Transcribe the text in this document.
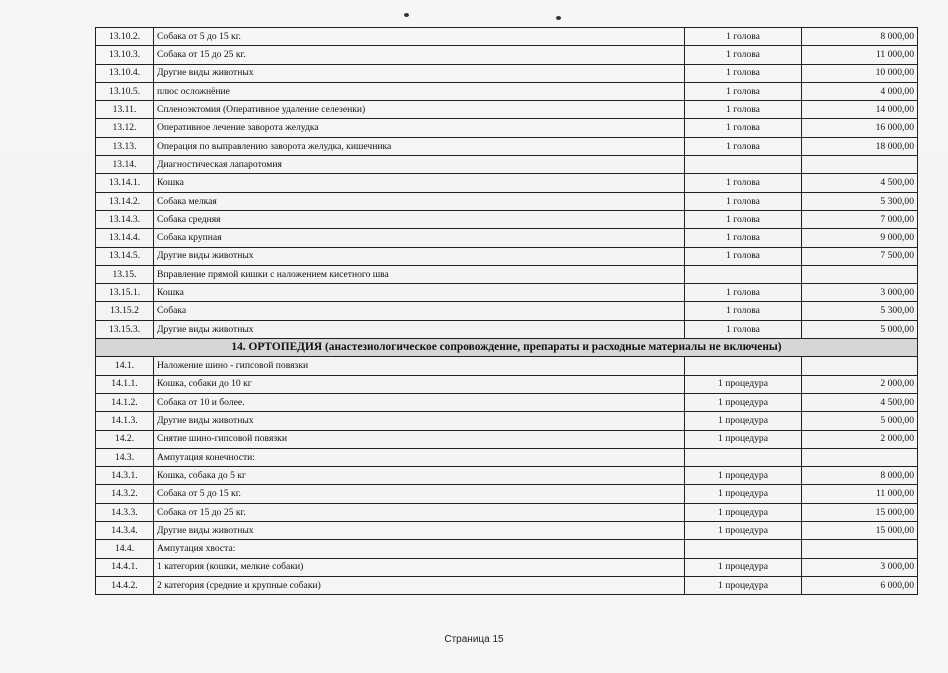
13.10.2.	Собака от 5 до 15 кг.	1 голова	8 000,00
13.10.3.	Собака от 15 до 25 кг.	1 голова	11 000,00
13.10.4.	Другие виды животных	1 голова	10 000,00
13.10.5.	плюс осложнёние	1 голова	4 000,00
13.11.	Спленоэктомия (Оперативное удаление селезенки)	1 голова	14 000,00
13.12.	Оперативное лечение заворота желудка	1 голова	16 000,00
13.13.	Операция по выправлению заворота желудка, кишечника	1 голова	18 000,00
13.14.	Диагностическая лапаротомия		
13.14.1.	Кошка	1 голова	4 500,00
13.14.2.	Собака мелкая	1 голова	5 300,00
13.14.3.	Собака средняя	1 голова	7 000,00
13.14.4.	Собака крупная	1 голова	9 000,00
13.14.5.	Другие виды животных	1 голова	7 500,00
13.15.	Вправление прямой кишки с наложением кисетного шва		
13.15.1.	Кошка	1 голова	3 000,00
13.15.2	Собака	1 голова	5 300,00
13.15.3.	Другие виды животных	1 голова	5 000,00
14. ОРТОПЕДИЯ (анастезиологическое сопровождение, препараты и расходные материалы не включены)			
14.1.	Наложение шино - гипсовой повязки		
14.1.1.	Кошка, собаки до 10 кг	1 процедура	2 000,00
14.1.2.	Собака от 10 и более.	1 процедура	4 500,00
14.1.3.	Другие виды животных	1 процедура	5 000,00
14.2.	Снятие шино-гипсовой повязки	1 процедура	2 000,00
14.3.	Ампутация конечности:		
14.3.1.	Кошка, собака до 5 кг	1 процедура	8 000,00
14.3.2.	Собака от 5 до 15 кг.	1 процедура	11 000,00
14.3.3.	Собака от 15 до 25 кг.	1 процедура	15 000,00
14.3.4.	Другие виды животных	1 процедура	15 000,00
14.4.	Ампутация хвоста:		
14.4.1.	1 категория (кошки, мелкие собаки)	1 процедура	3 000,00
14.4.2.	2 категория (средние и крупные собаки)	1 процедура	6 000,00
Страница 15
